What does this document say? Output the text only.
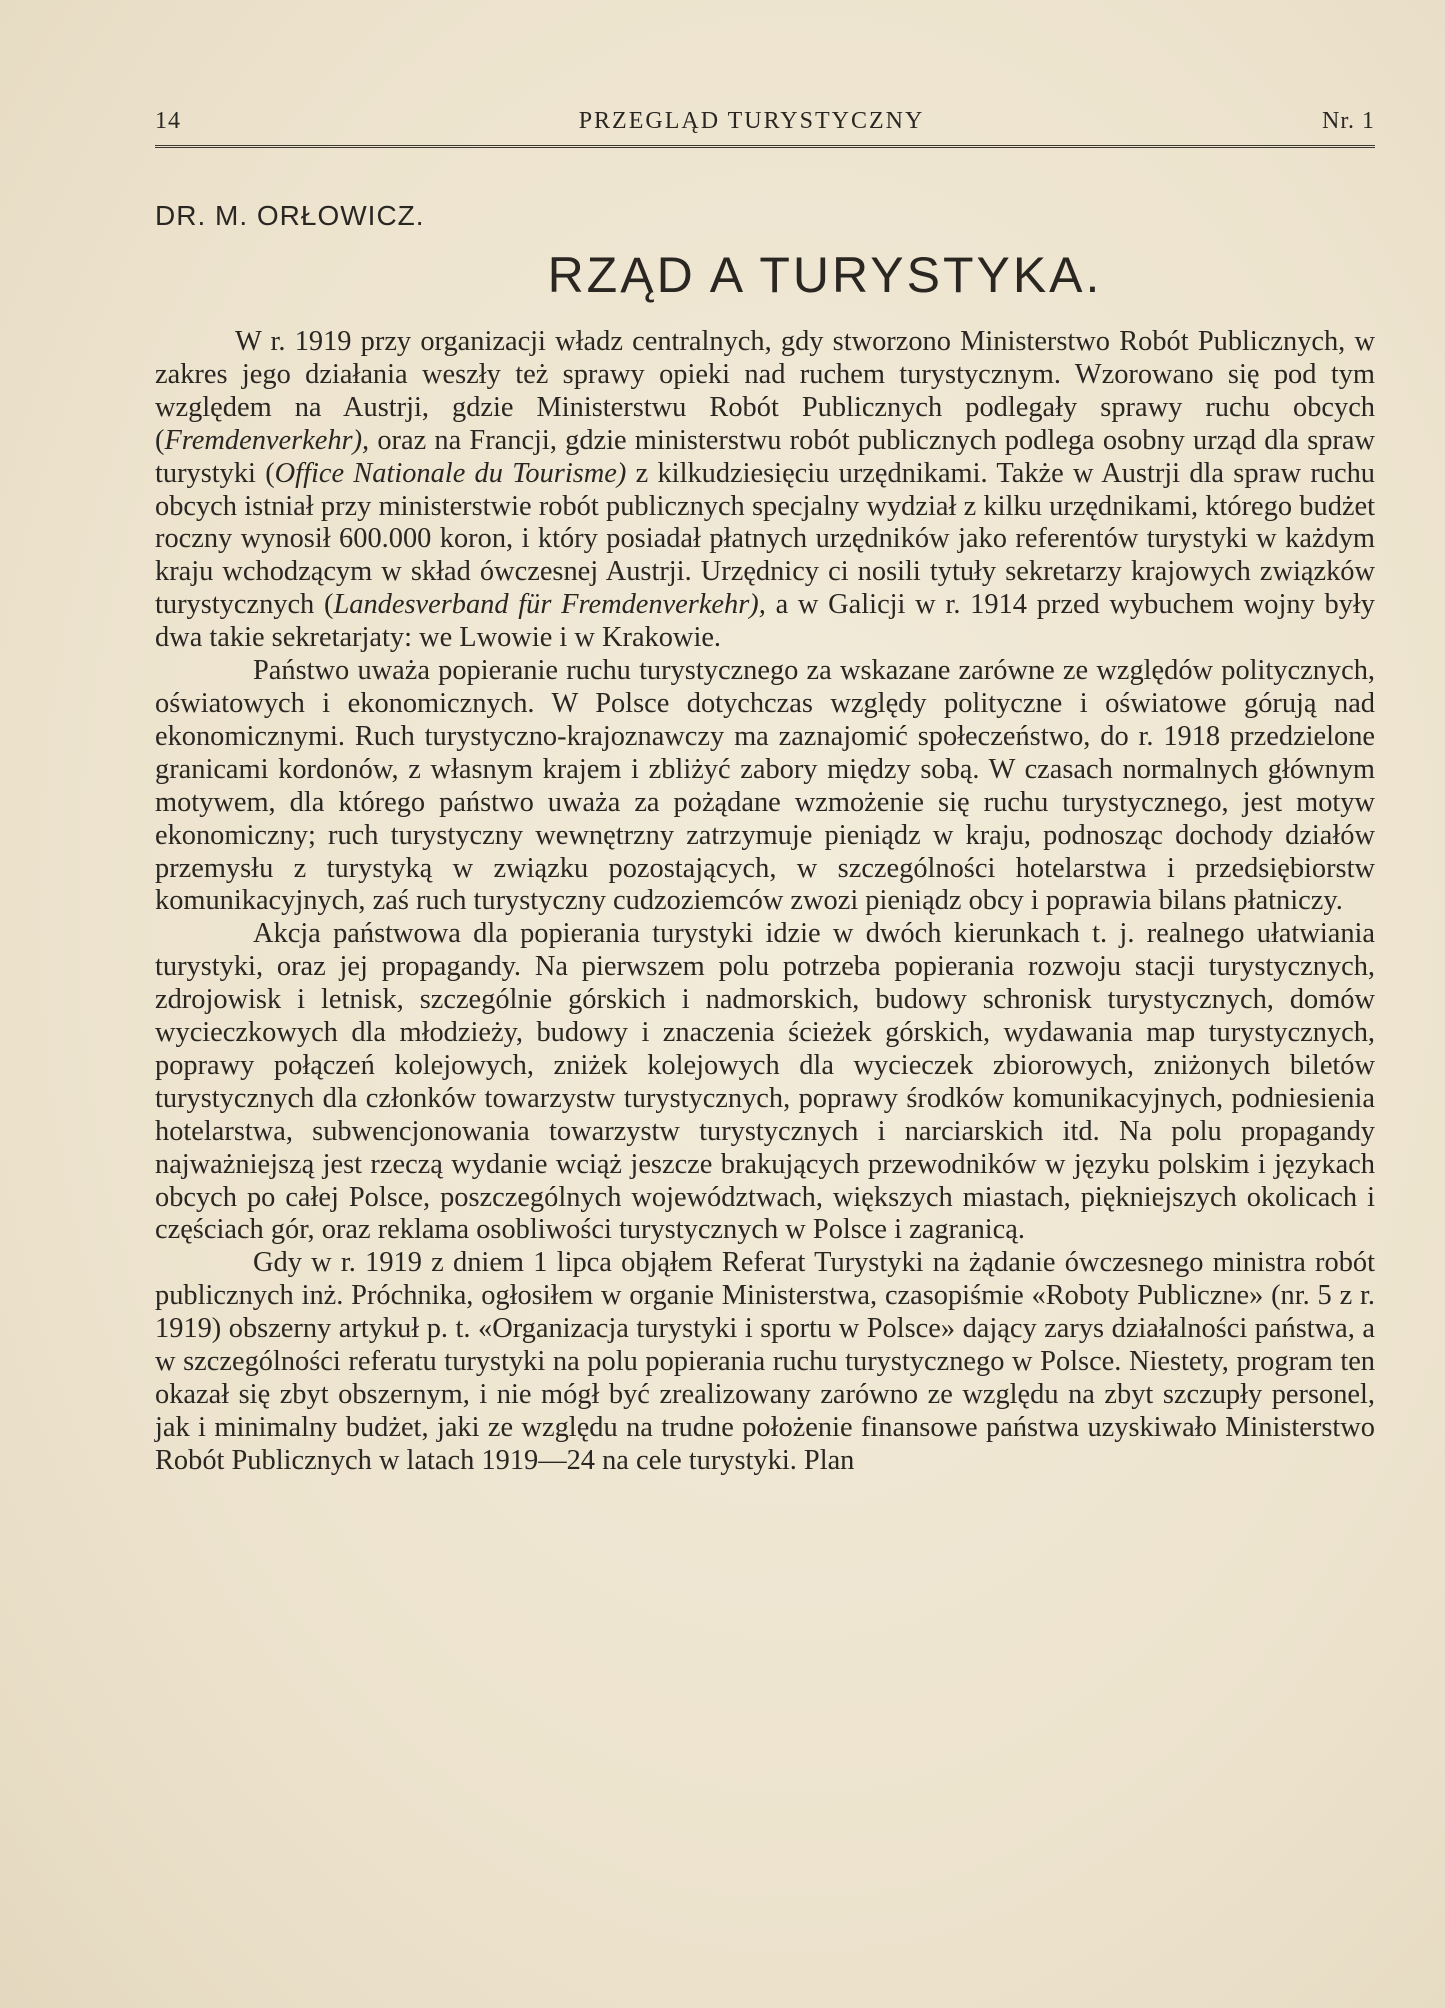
14	PRZEGLĄD TURYSTYCZNY	Nr. 1
DR. M. ORŁOWICZ.
RZĄD A TURYSTYKA.

W r. 1919 przy organizacji władz centralnych, gdy stworzono Ministerstwo Robót Publicznych, w zakres jego działania weszły też sprawy opieki nad ruchem turystycznym. Wzorowano się pod tym względem na Austrji, gdzie Ministerstwu Robót Publicznych podlegały sprawy ruchu obcych (Fremdenverkehr), oraz na Francji, gdzie ministerstwu robót publicznych podlega osobny urząd dla spraw turystyki (Office Nationale du Tourisme) z kilkudziesięciu urzędnikami. Także w Austrji dla spraw ruchu obcych istniał przy ministerstwie robót publicznych specjalny wydział z kilku urzędnikami, którego budżet roczny wynosił 600.000 koron, i który posiadał płatnych urzędników jako referentów turystyki w każdym kraju wchodzącym w skład ówczesnej Austrji. Urzędnicy ci nosili tytuły sekretarzy krajowych związków turystycznych (Landesverband für Fremdenverkehr), a w Galicji w r. 1914 przed wybuchem wojny były dwa takie sekretarjaty: we Lwowie i w Krakowie.

Państwo uważa popieranie ruchu turystycznego za wskazane zarówne ze względów politycznych, oświatowych i ekonomicznych. W Polsce dotychczas względy polityczne i oświatowe górują nad ekonomicznymi. Ruch turystyczno-krajoznawczy ma zaznajomić społeczeństwo, do r. 1918 przedzielone granicami kordonów, z własnym krajem i zbliżyć zabory między sobą. W czasach normalnych głównym motywem, dla którego państwo uważa za pożądane wzmożenie się ruchu turystycznego, jest motyw ekonomiczny; ruch turystyczny wewnętrzny zatrzymuje pieniądz w kraju, podnosząc dochody działów przemysłu z turystyką w związku pozostających, w szczególności hotelarstwa i przedsiębiorstw komunikacyjnych, zaś ruch turystyczny cudzoziemców zwozi pieniądz obcy i poprawia bilans płatniczy.

Akcja państwowa dla popierania turystyki idzie w dwóch kierunkach t. j. realnego ułatwiania turystyki, oraz jej propagandy. Na pierwszem polu potrzeba popierania rozwoju stacji turystycznych, zdrojowisk i letnisk, szczególnie górskich i nadmorskich, budowy schronisk turystycznych, domów wycieczkowych dla młodzieży, budowy i znaczenia ścieżek górskich, wydawania map turystycznych, poprawy połączeń kolejowych, zniżek kolejowych dla wycieczek zbiorowych, zniżonych biletów turystycznych dla członków towarzystw turystycznych, poprawy środków komunikacyjnych, podniesienia hotelarstwa, subwencjonowania towarzystw turystycznych i narciarskich itd. Na polu propagandy najważniejszą jest rzeczą wydanie wciąż jeszcze brakujących przewodników w języku polskim i językach obcych po całej Polsce, poszczególnych województwach, większych miastach, piękniejszych okolicach i częściach gór, oraz reklama osobliwości turystycznych w Polsce i zagranicą.

Gdy w r. 1919 z dniem 1 lipca objąłem Referat Turystyki na żądanie ówczesnego ministra robót publicznych inż. Próchnika, ogłosiłem w organie Ministerstwa, czasopiśmie «Roboty Publiczne» (nr. 5 z r. 1919) obszerny artykuł p. t. «Organizacja turystyki i sportu w Polsce» dający zarys działalności państwa, a w szczególności referatu turystyki na polu popierania ruchu turystycznego w Polsce. Niestety, program ten okazał się zbyt obszernym, i nie mógł być zrealizowany zarówno ze względu na zbyt szczupły personel, jak i minimalny budżet, jaki ze względu na trudne położenie finansowe państwa uzyskiwało Ministerstwo Robót Publicznych w latach 1919—24 na cele turystyki. Plan
